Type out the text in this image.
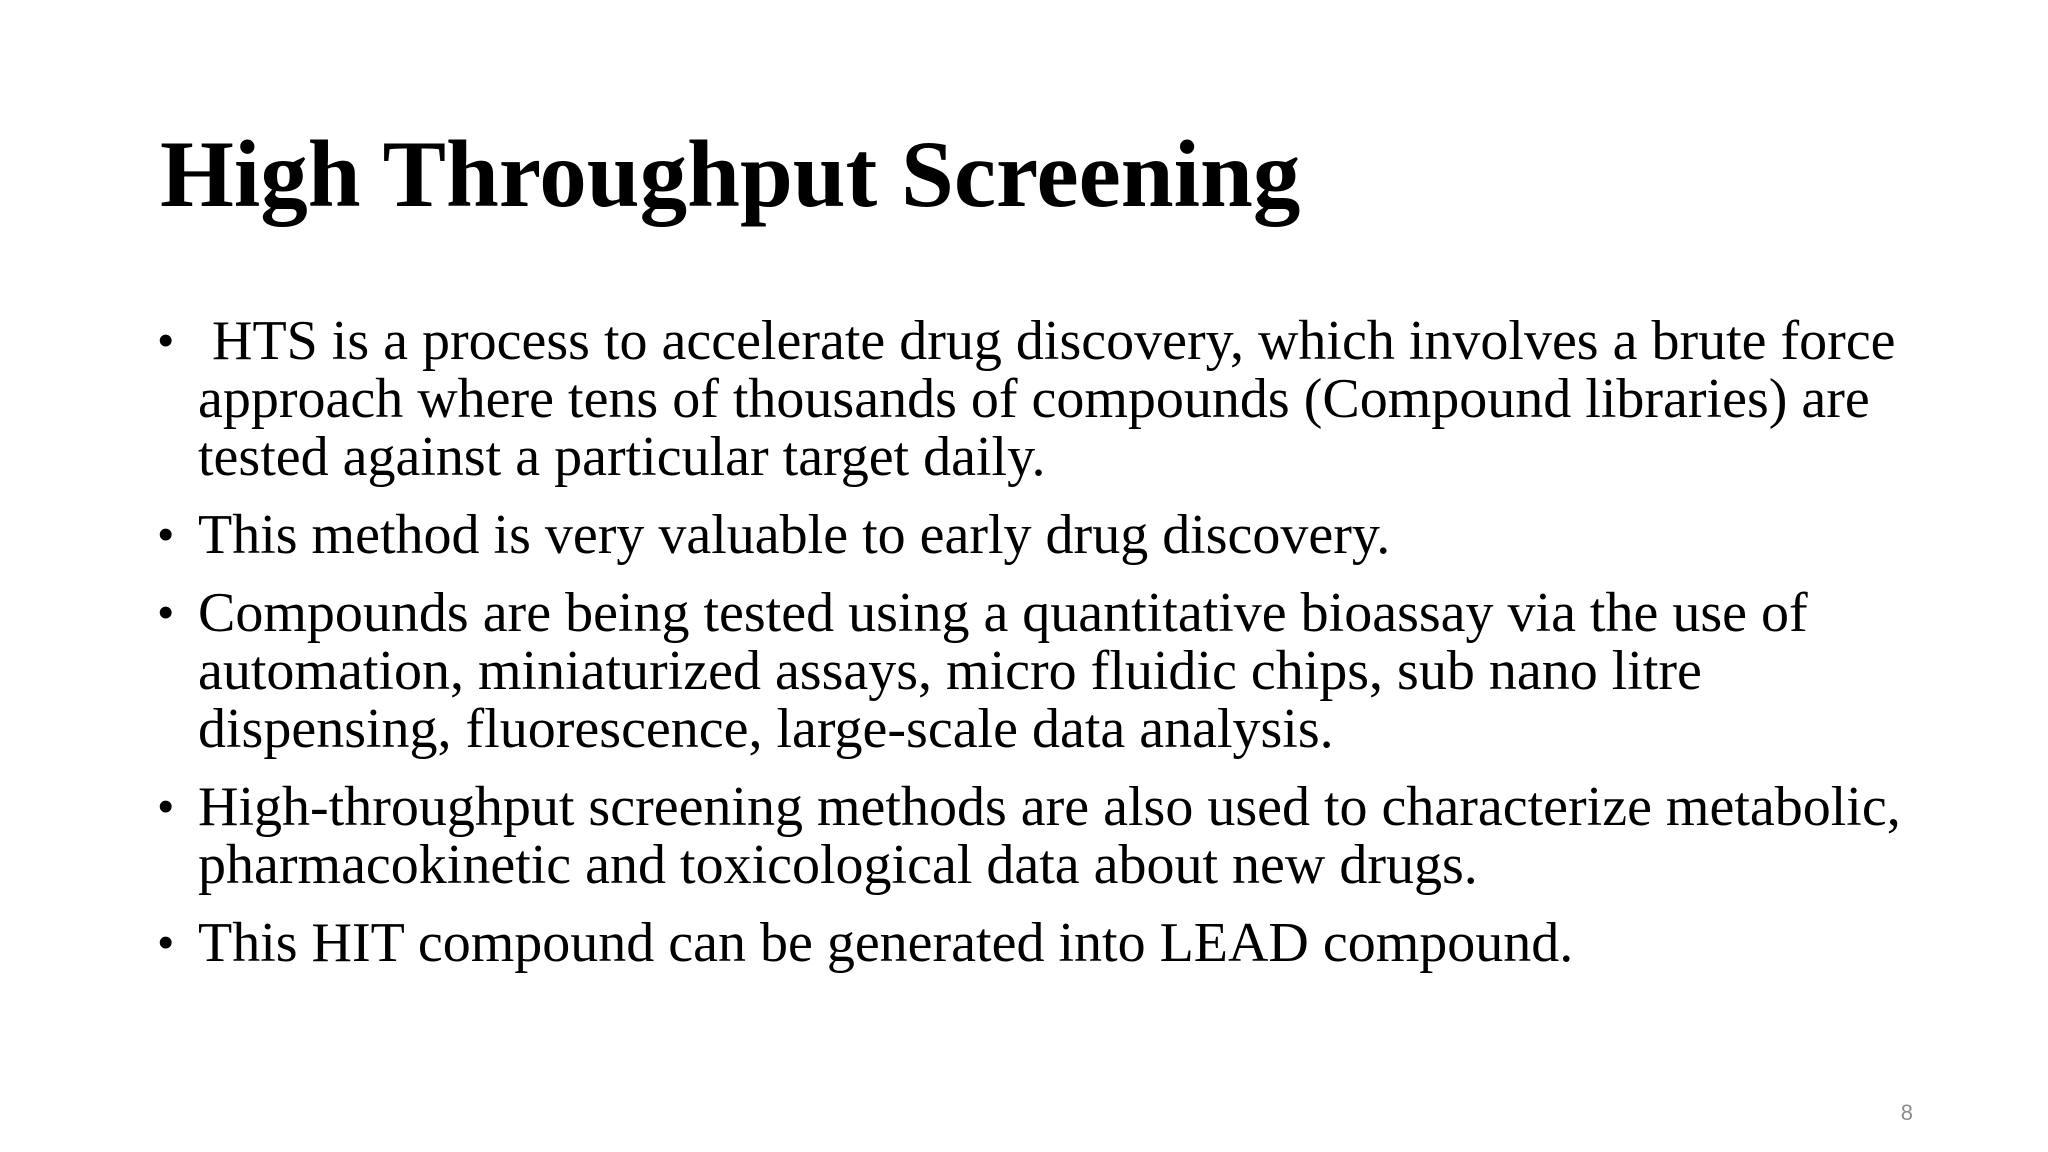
High Throughput Screening
• HTS is a process to accelerate drug discovery, which involves a brute force approach where tens of thousands of compounds (Compound libraries) are tested against a particular target daily.
• This method is very valuable to early drug discovery.
• Compounds are being tested using a quantitative bioassay via the use of automation, miniaturized assays, micro fluidic chips, sub nano litre dispensing, fluorescence, large-scale data analysis.
• High-throughput screening methods are also used to characterize metabolic, pharmacokinetic and toxicological data about new drugs.
• This HIT compound can be generated into LEAD compound.
8
